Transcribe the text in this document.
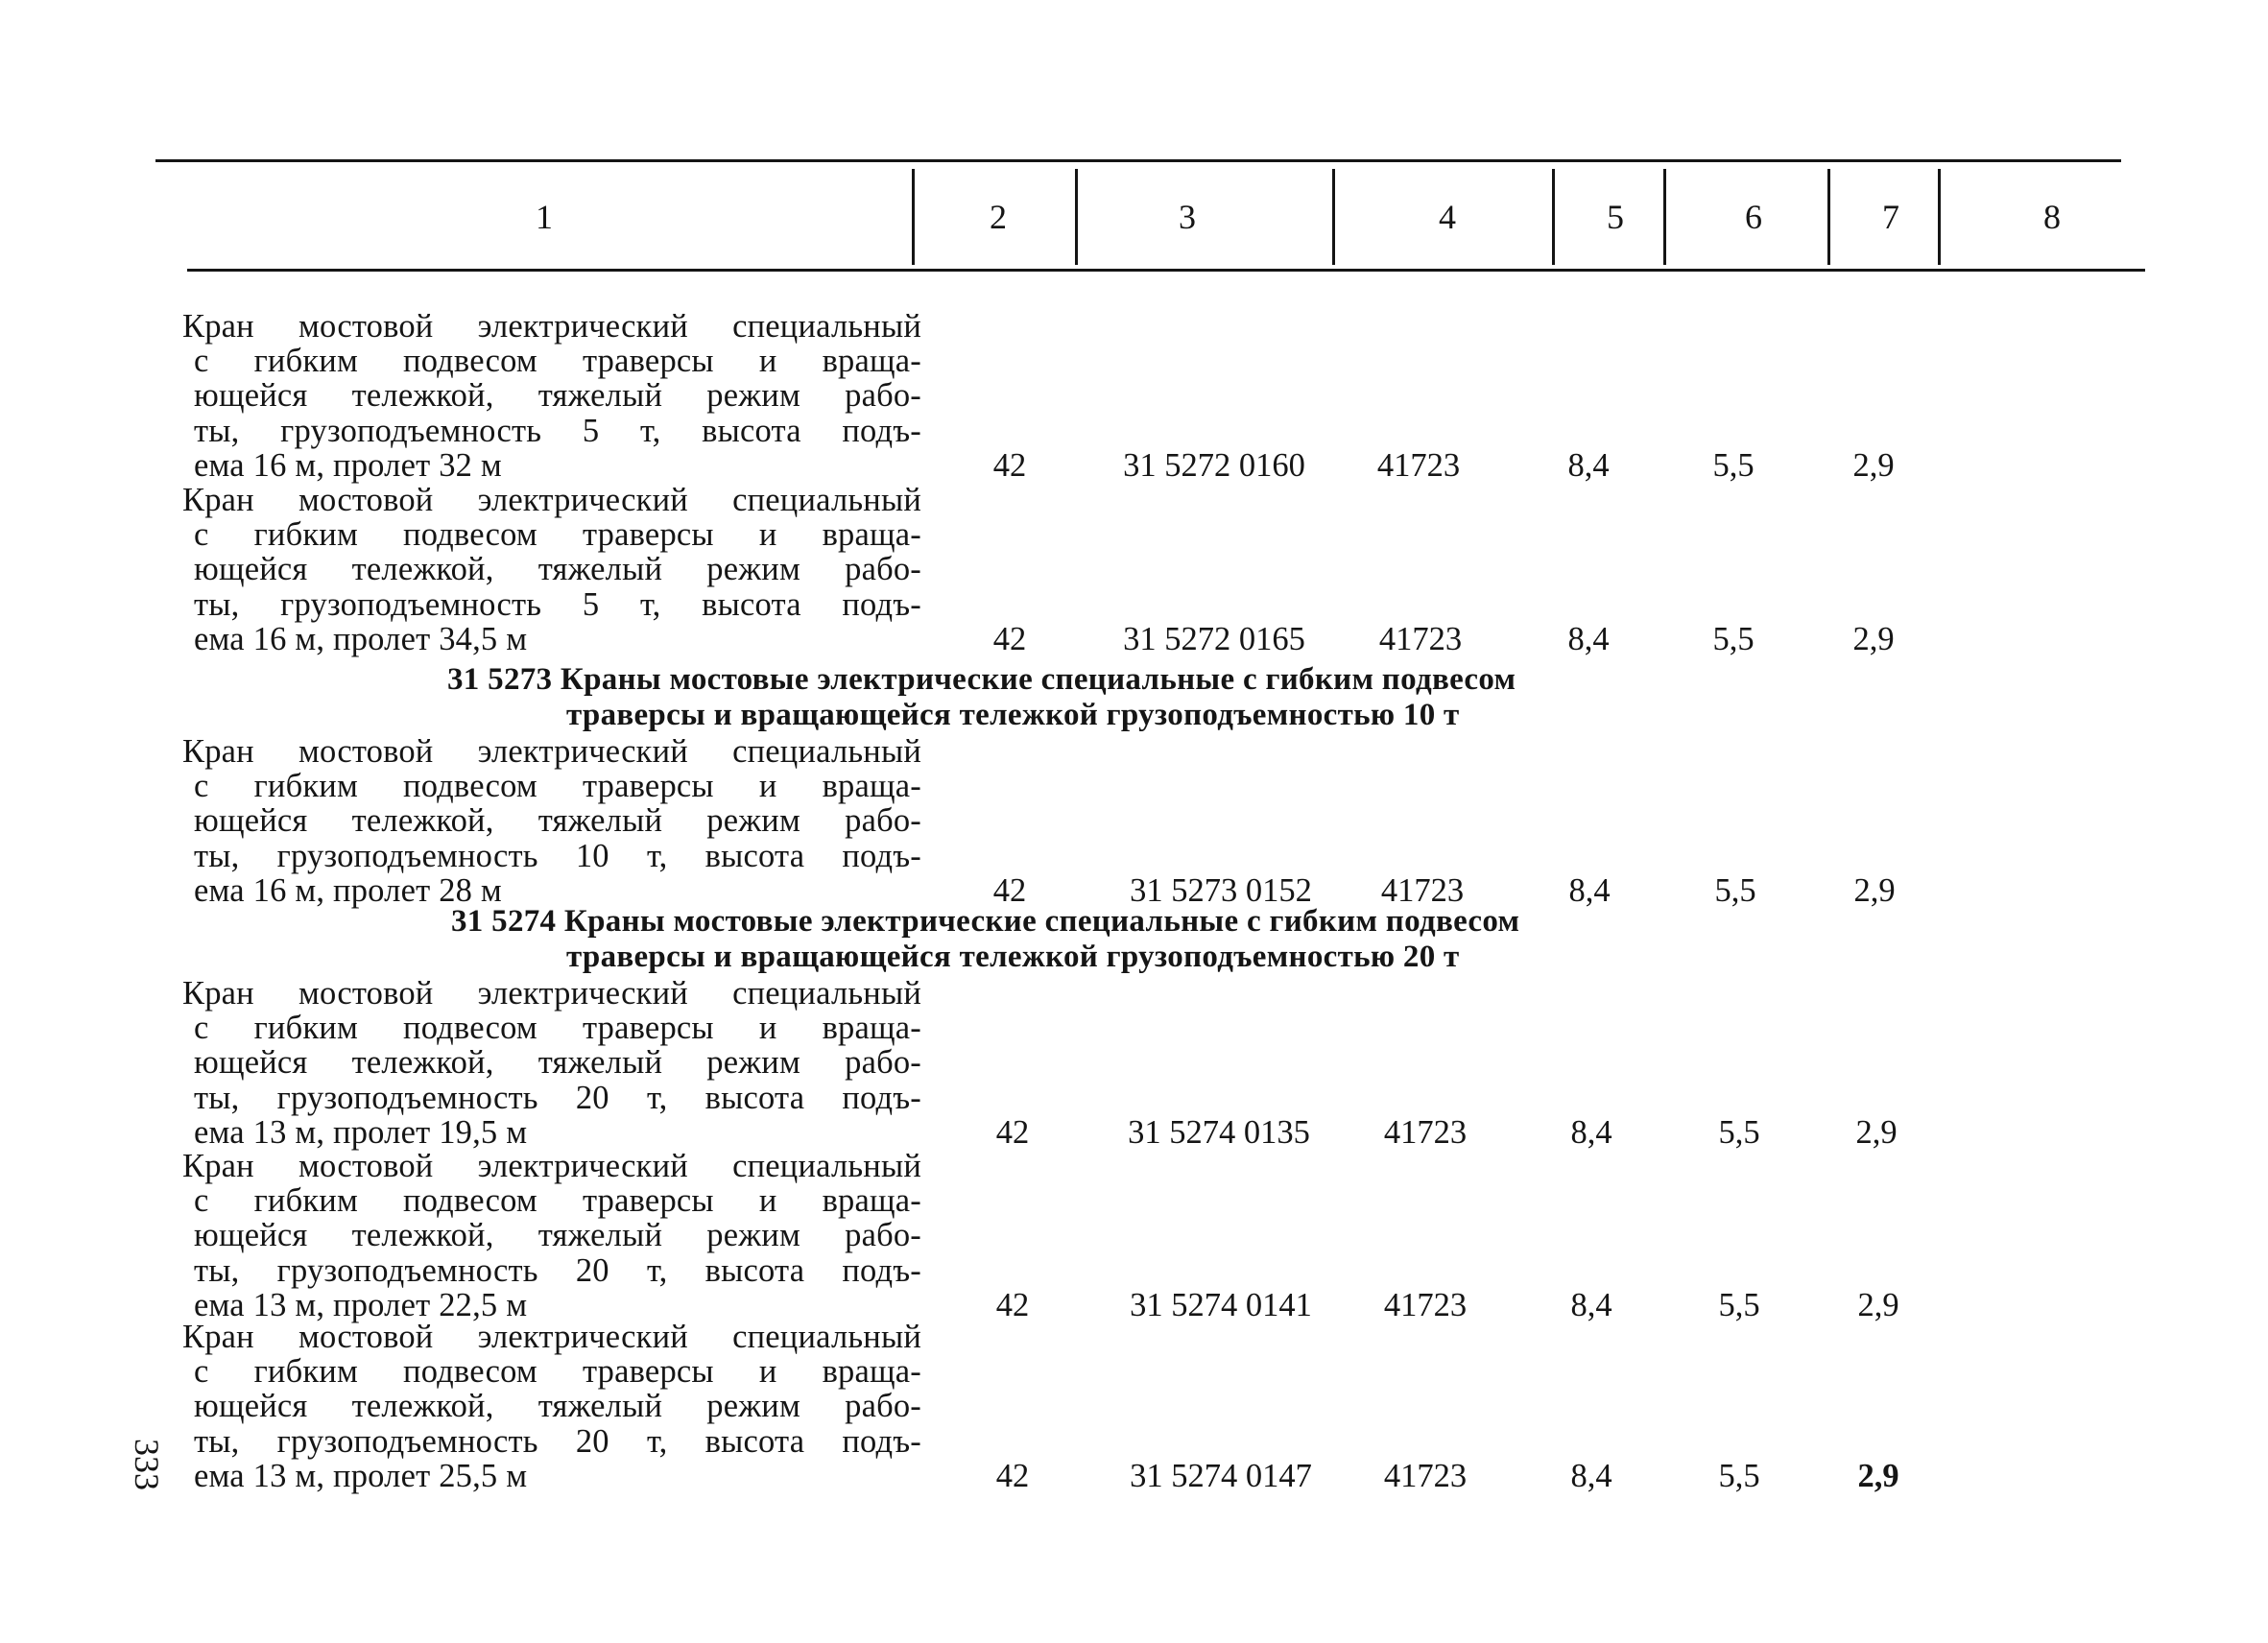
1	2	3	4	5	6	7	8
Кран мостовой электрический специальный
с гибким подвесом траверсы и враща-
ющейся тележкой, тяжелый режим рабо-
ты, грузоподъемность 5 т, высота подъ-
ема 16 м, пролет 32 м	42	31 5272 0160	41723	8,4	5,5	2,9
Кран мостовой электрический специальный
с гибким подвесом траверсы и враща-
ющейся тележкой, тяжелый режим рабо-
ты, грузоподъемность 5 т, высота подъ-
ема 16 м, пролет 34,5 м	42	31 5272 0165	41723	8,4	5,5	2,9
31 5273 Краны мостовые электрические специальные с гибким подвесом
траверсы и вращающейся тележкой грузоподъемностью 10 т
Кран мостовой электрический специальный
с гибким подвесом траверсы и враща-
ющейся тележкой, тяжелый режим рабо-
ты, грузоподъемность 10 т, высота подъ-
ема 16 м, пролет 28 м	42	31 5273 0152	41723	8,4	5,5	2,9
31 5274 Краны мостовые электрические специальные с гибким подвесом
траверсы и вращающейся тележкой грузоподъемностью 20 т
Кран мостовой электрический специальный
с гибким подвесом траверсы и враща-
ющейся тележкой, тяжелый режим рабо-
ты, грузоподъемность 20 т, высота подъ-
ема 13 м, пролет 19,5 м	42	31 5274 0135	41723	8,4	5,5	2,9
Кран мостовой электрический специальный
с гибким подвесом траверсы и враща-
ющейся тележкой, тяжелый режим рабо-
ты, грузоподъемность 20 т, высота подъ-
ема 13 м, пролет 22,5 м	42	31 5274 0141	41723	8,4	5,5	2,9
Кран мостовой электрический специальный
с гибким подвесом траверсы и враща-
ющейся тележкой, тяжелый режим рабо-
ты, грузоподъемность 20 т, высота подъ-
ема 13 м, пролет 25,5 м	42	31 5274 0147	41723	8,4	5,5	2,9
333
